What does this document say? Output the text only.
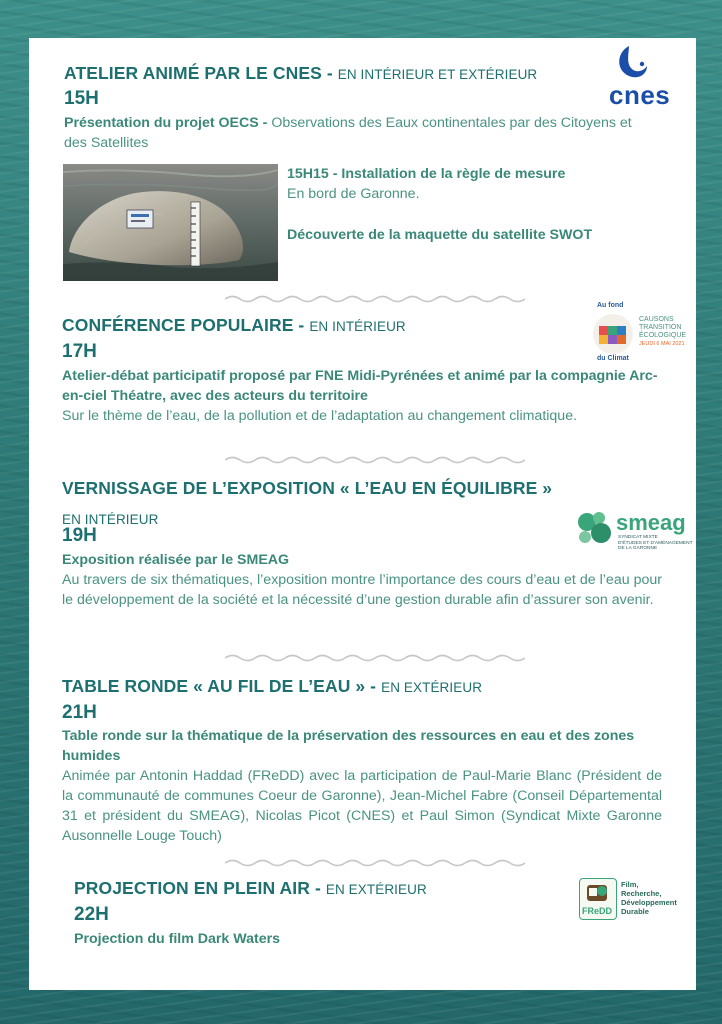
ATELIER ANIMÉ PAR LE CNES - EN INTÉRIEUR ET EXTÉRIEUR
15H	cnes
Présentation du projet OECS - Observations des Eaux continentales par des Citoyens et des Satellites
15H15 - Installation de la règle de mesure
En bord de Garonne.
Découverte de la maquette du satellite SWOT
CONFÉRENCE POPULAIRE - EN INTÉRIEUR
17H
Au fond
du Climat
CAUSONS
TRANSITION
ÉCOLOGIQUE
JEUDI 6 MAI 2021
Atelier-débat participatif proposé par FNE Midi-Pyrénées et animé par la compagnie Arc-en-ciel Théatre, avec des acteurs du territoire
Sur le thème de l’eau, de la pollution et de l’adaptation au changement climatique.
VERNISSAGE DE L’EXPOSITION « L’EAU EN ÉQUILIBRE »
EN INTÉRIEUR
19H
smeag
SYNDICAT MIXTE
D'ÉTUDES ET D'AMÉNAGEMENT
DE LA GARONNE
Exposition réalisée par le SMEAG
Au travers de six thématiques, l’exposition montre l’importance des cours d’eau et de l’eau pour le développement de la société et la nécessité d’une gestion durable afin d’assurer son avenir.
TABLE RONDE « AU FIL DE L’EAU » - EN EXTÉRIEUR
21H
Table ronde sur la thématique de la préservation des ressources en eau et des zones humides
Animée par Antonin Haddad (FReDD) avec la participation de Paul-Marie Blanc (Président de la communauté de communes Coeur de Garonne), Jean-Michel Fabre (Conseil Départemental 31 et président du SMEAG), Nicolas Picot (CNES) et Paul Simon (Syndicat Mixte Garonne Ausonnelle Louge Touch)
PROJECTION EN PLEIN AIR - EN EXTÉRIEUR
22H
Projection du film Dark Waters
FReDD
Film,
Recherche,
Développement
Durable
